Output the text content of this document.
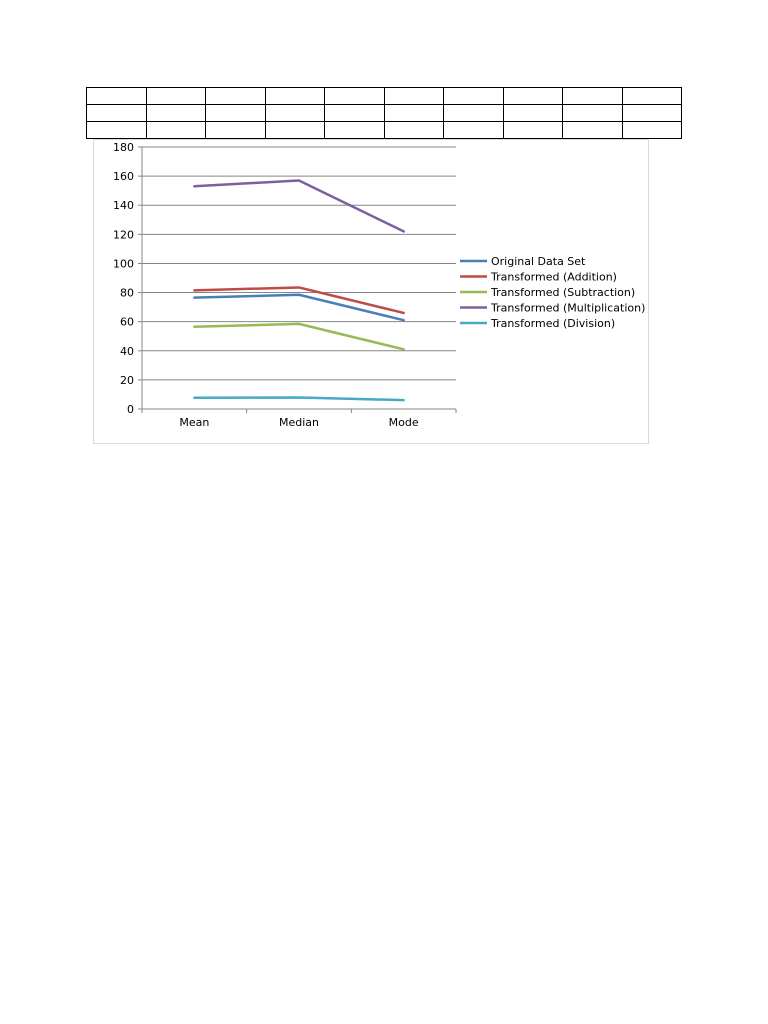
0
20
40
60
80
100
120
140
160
180
Mean	Median	Mode
Original Data Set
Transformed (Addition)
Transformed (Subtraction)
Transformed (Multiplication)
Transformed (Division)
